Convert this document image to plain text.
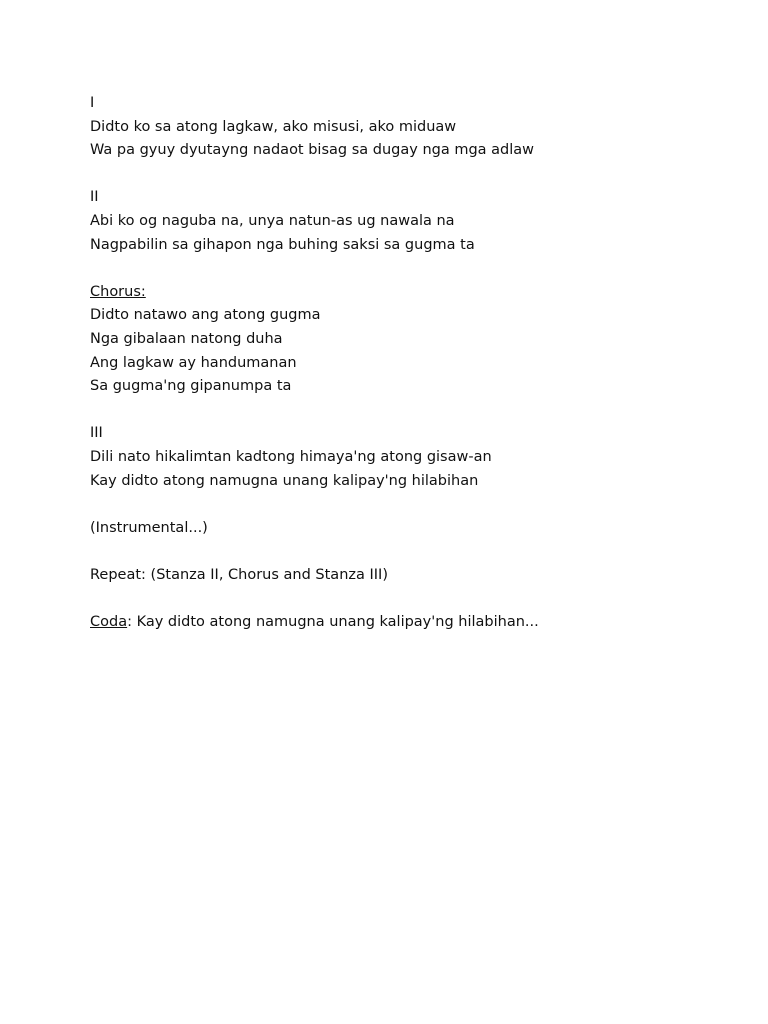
I
Didto ko sa atong lagkaw, ako misusi, ako miduaw
Wa pa gyuy dyutayng nadaot bisag sa dugay nga mga adlaw
II
Abi ko og naguba na, unya natun-as ug nawala na
Nagpabilin sa gihapon nga buhing saksi sa gugma ta
Chorus:
Didto natawo ang atong gugma
Nga gibalaan natong duha
Ang lagkaw ay handumanan
Sa gugma'ng gipanumpa ta
III
Dili nato hikalimtan kadtong himaya'ng atong gisaw-an
Kay didto atong namugna unang kalipay'ng hilabihan
(Instrumental...)
Repeat: (Stanza II, Chorus and Stanza III)
Coda: Kay didto atong namugna unang kalipay'ng hilabihan...
